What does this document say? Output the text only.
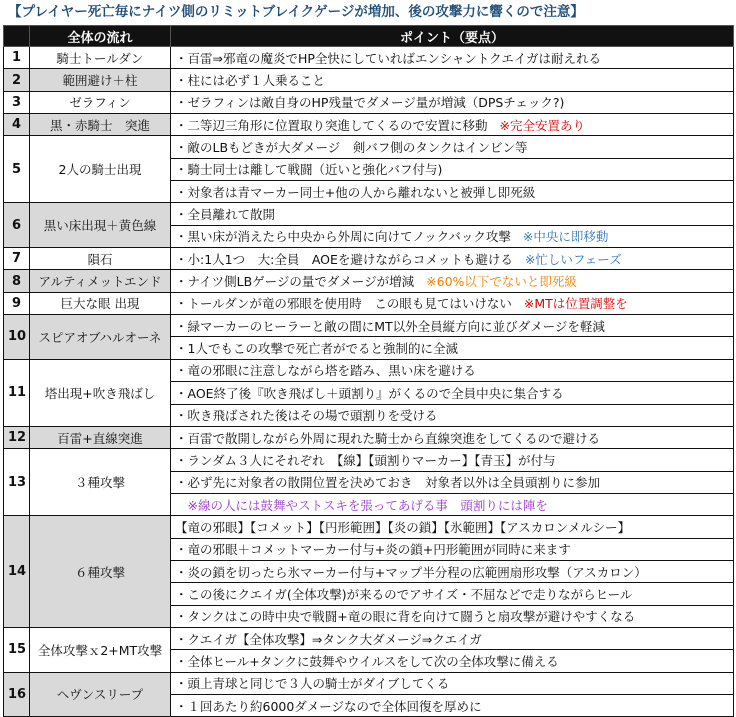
【プレイヤー死亡毎にナイツ側のリミットブレイクゲージが増加、後の攻撃力に響くので注意】
	全体の流れ	ポイント（要点）
1	騎士トールダン	・百雷⇒邪竜の魔炎でHP全快にしていればエンシャントクエイガは耐えれる
2	範囲避け＋柱	・柱には必ず１人乗ること
3	ゼラフィン	・ゼラフィンは敵自身のHP残量でダメージ量が増減（DPSチェック?)
4	黒・赤騎士　突進	・二等辺三角形に位置取り突進してくるので安置に移動 ※完全安置あり
5	2人の騎士出現	・敵のLBもどきが大ダメージ　剣バフ側のタンクはインビン等
		・騎士同士は離して戦闘（近いと強化バフ付与)
		・対象者は青マーカー同士+他の人から離れないと被弾し即死級
6	黒い床出現＋黄色線	・全員離れて散開
		・黒い床が消えたら中央から外周に向けてノックバック攻撃 ※中央に即移動
7	隕石	・小:1人1つ　大:全員　AOEを避けながらコメットも避ける ※忙しいフェーズ
8	アルティメットエンド	・ナイツ側LBゲージの量でダメージが増減 ※60%以下でないと即死級
9	巨大な眼 出現	・トールダンが竜の邪眼を使用時　この眼も見てはいけない ※MTは位置調整を
10	スピアオブハルオーネ	・緑マーカーのヒーラーと敵の間にMT以外全員縦方向に並びダメージを軽減
		・1人でもこの攻撃で死亡者がでると強制的に全滅
11	塔出現+吹き飛ばし	・竜の邪眼に注意しながら塔を踏み、黒い床を避ける
		・AOE終了後『吹き飛ばし＋頭割り』がくるので全員中央に集合する
		・吹き飛ばされた後はその場で頭割りを受ける
12	百雷+直線突進	・百雷で散開しながら外周に現れた騎士から直線突進をしてくるので避ける
13	３種攻撃	・ランダム３人にそれぞれ　【線】【頭割りマーカー】【青玉】が付与
		・必ず先に対象者の散開位置を決めておき　対象者以外は全員頭割りに参加
		　※線の人には鼓舞やストスキを張ってあげる事　頭割りには陣を
14	６種攻撃	【竜の邪眼】【コメット】【円形範囲】【炎の鎖】【氷範囲】【アスカロンメルシー】
		・竜の邪眼＋コメットマーカー付与+炎の鎖+円形範囲が同時に来ます
		・炎の鎖を切ったら氷マーカー付与+マップ半分程の広範囲扇形攻撃（アスカロン）
		・この後にクエイガ(全体攻撃)が来るのでアサイズ・不屈などで走りながらヒール
		・タンクはこの時中央で戦闘+竜の眼に背を向けて闘うと扇攻撃が避けやすくなる
15	全体攻撃ｘ2+MT攻撃	・クエイガ【全体攻撃】⇒タンク大ダメージ⇒クエイガ
		・全体ヒール+タンクに鼓舞やウイルスをして次の全体攻撃に備える
16	ヘヴンスリープ	・頭上青球と同じで３人の騎士がダイブしてくる
		・１回あたり約6000ダメージなので全体回復を厚めに
